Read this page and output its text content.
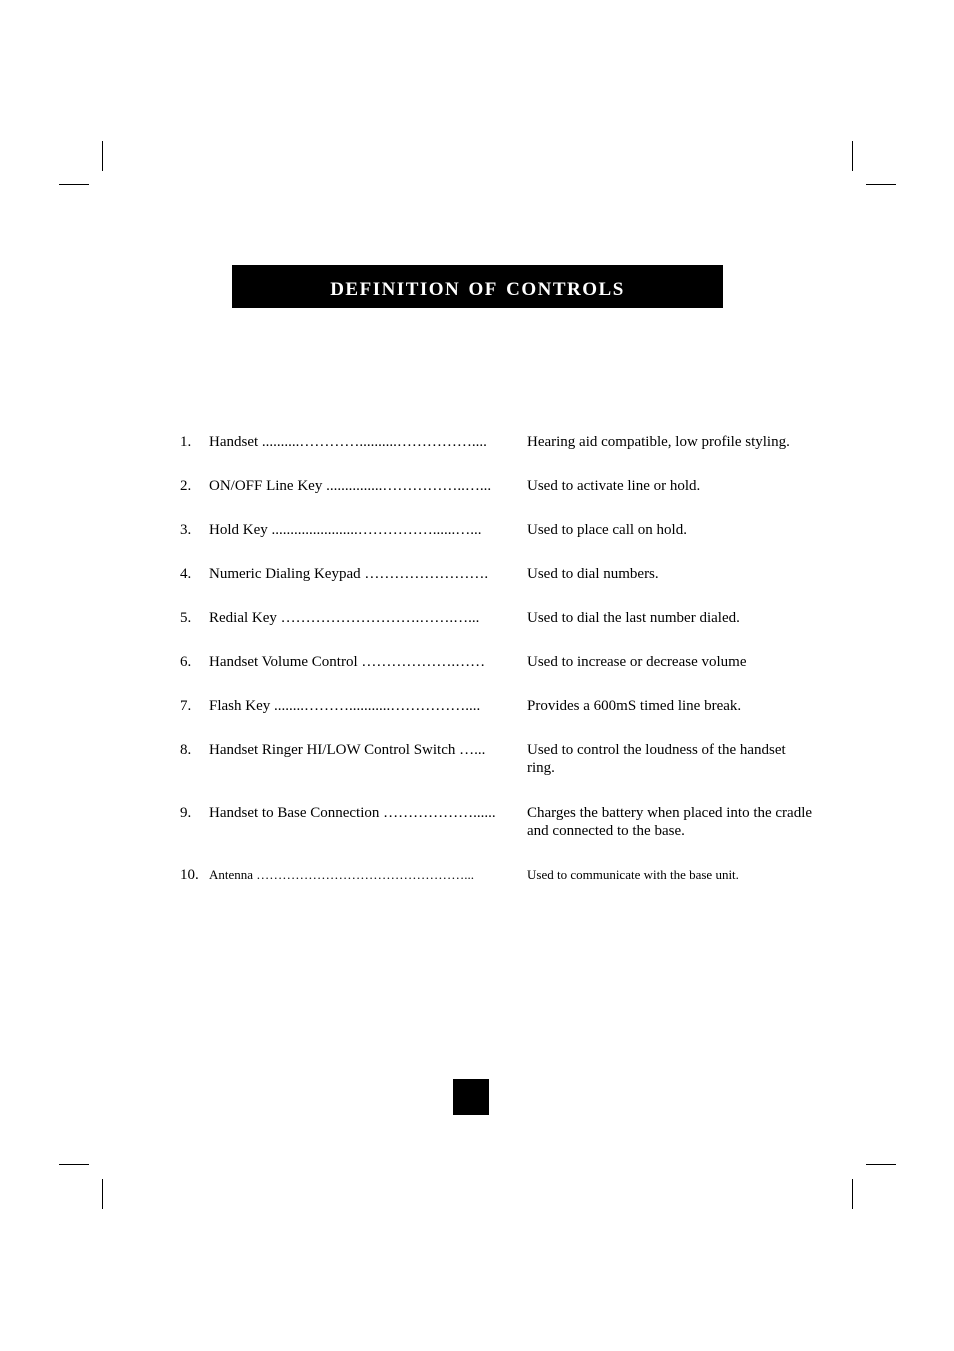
definition of controls
1.	Handset ..........…………..........……………....	Hearing aid compatible, low profile styling.
2.	ON/OFF Line Key ...............……………..…...	Used to activate line or hold.
3.	Hold Key .......................……………......…...	Used to place call on hold.
4.	Numeric Dialing Keypad …………………….	Used to dial numbers.
5.	Redial Key ……………………….…….…...	Used to dial the last number dialed.
6.	Handset Volume Control ……………….……	Used to increase or decrease volume
7.	Flash Key ........………...........……………....	Provides a 600mS timed line break.
8.	Handset Ringer HI/LOW Control Switch …...	Used to control the loudness of the handset ring.
9.	Handset to Base Connection ………………......	Charges the battery when placed into the cradle and connected to the base.
10. Antenna …………………………………………...	Used to communicate with the base unit.
